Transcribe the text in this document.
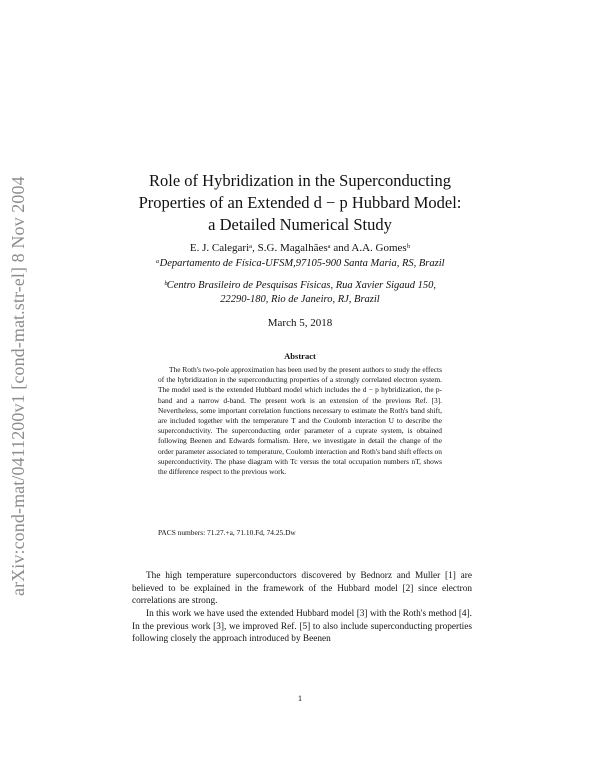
arXiv:cond-mat/0411200v1 [cond-mat.str-el] 8 Nov 2004	Role of Hybridization in the Superconducting
Properties of an Extended d − p Hubbard Model:
a Detailed Numerical Study
E. J. Calegariᵃ, S.G. Magalhãesᵃ and A.A. Gomesᵇ
ᵃDepartamento de Física-UFSM,97105-900 Santa Maria, RS, Brazil
ᵇCentro Brasileiro de Pesquisas Físicas, Rua Xavier Sigaud 150,
22290-180, Rio de Janeiro, RJ, Brazil
March 5, 2018
Abstract
The Roth's two-pole approximation has been used by the present authors to study the effects of the hybridization in the superconducting properties of a strongly correlated electron system. The model used is the extended Hubbard model which includes the d − p hybridization, the p-band and a narrow d-band. The present work is an extension of the previous Ref. [3]. Nevertheless, some important correlation functions necessary to estimate the Roth's band shift, are included together with the temperature T and the Coulomb interaction U to describe the superconductivity. The superconducting order parameter of a cuprate system, is obtained following Beenen and Edwards formalism. Here, we investigate in detail the change of the order parameter associated to temperature, Coulomb interaction and Roth's band shift effects on superconductivity. The phase diagram with Tc versus the total occupation numbers nT, shows the difference respect to the previous work.
PACS numbers: 71.27.+a, 71.10.Fd, 74.25.Dw
The high temperature superconductors discovered by Bednorz and Muller [1] are believed to be explained in the framework of the Hubbard model [2] since electron correlations are strong.
In this work we have used the extended Hubbard model [3] with the Roth's method [4]. In the previous work [3], we improved Ref. [5] to also include superconducting properties following closely the approach introduced by Beenen
1
